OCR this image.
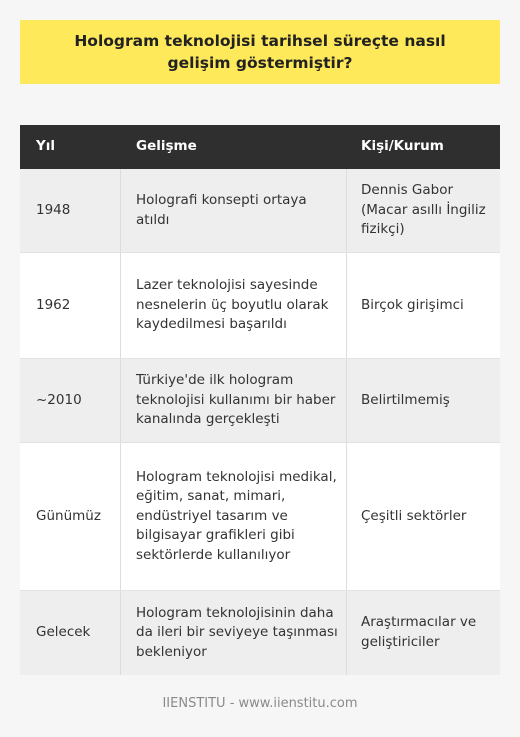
Hologram teknolojisi tarihsel süreçte nasıl gelişim göstermiştir?
Yıl	Gelişme	Kişi/Kurum
1948
Holografi konsepti ortaya atıldı
Dennis Gabor (Macar asıllı İngiliz fizikçi)
1962
Lazer teknolojisi sayesinde nesnelerin üç boyutlu olarak kaydedilmesi başarıldı
Birçok girişimci
~2010
Türkiye'de ilk hologram teknolojisi kullanımı bir haber kanalında gerçekleşti
Belirtilmemiş
Günümüz
Hologram teknolojisi medikal, eğitim, sanat, mimari, endüstriyel tasarım ve bilgisayar grafikleri gibi sektörlerde kullanılıyor
Çeşitli sektörler
Gelecek
Hologram teknolojisinin daha da ileri bir seviyeye taşınması bekleniyor
Araştırmacılar ve geliştiriciler
IIENSTITU - www.iienstitu.com
